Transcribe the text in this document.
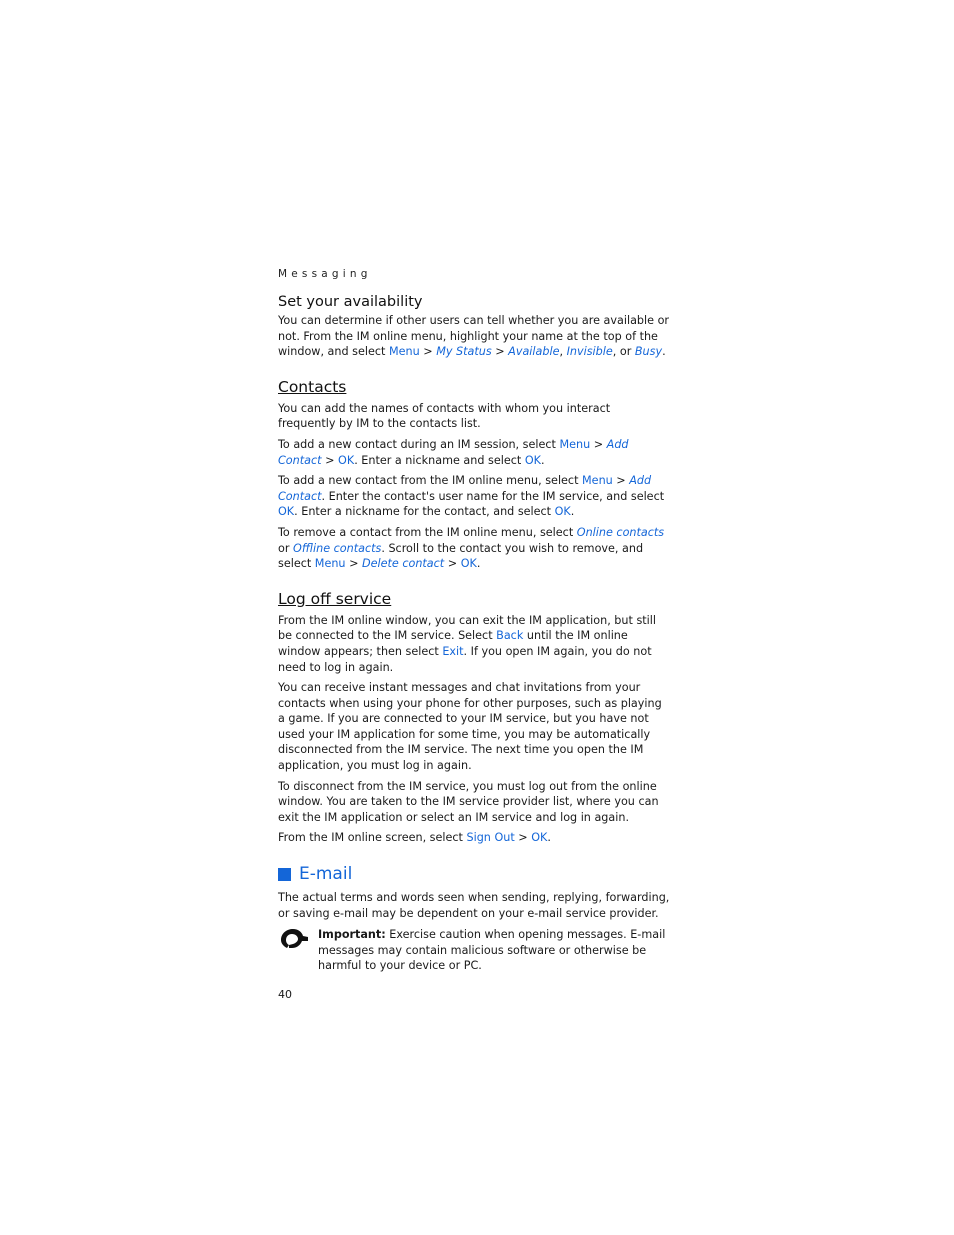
Messaging
Set your availability

You can determine if other users can tell whether you are available or not. From the IM online menu, highlight your name at the top of the window, and select Menu > My Status > Available, Invisible, or Busy.

Contacts

You can add the names of contacts with whom you interact frequently by IM to the contacts list.

To add a new contact during an IM session, select Menu > Add Contact > OK. Enter a nickname and select OK.

To add a new contact from the IM online menu, select Menu > Add Contact. Enter the contact's user name for the IM service, and select OK. Enter a nickname for the contact, and select OK.

To remove a contact from the IM online menu, select Online contacts or Offline contacts. Scroll to the contact you wish to remove, and select Menu > Delete contact > OK.

Log off service

From the IM online window, you can exit the IM application, but still be connected to the IM service. Select Back until the IM online window appears; then select Exit. If you open IM again, you do not need to log in again.

You can receive instant messages and chat invitations from your contacts when using your phone for other purposes, such as playing a game. If you are connected to your IM service, but you have not used your IM application for some time, you may be automatically disconnected from the IM service. The next time you open the IM application, you must log in again.

To disconnect from the IM service, you must log out from the online window. You are taken to the IM service provider list, where you can exit the IM application or select an IM service and log in again.

From the IM online screen, select Sign Out > OK.

E-mail

The actual terms and words seen when sending, replying, forwarding, or saving e-mail may be dependent on your e-mail service provider.

Important: Exercise caution when opening messages. E-mail messages may contain malicious software or otherwise be harmful to your device or PC.

40
